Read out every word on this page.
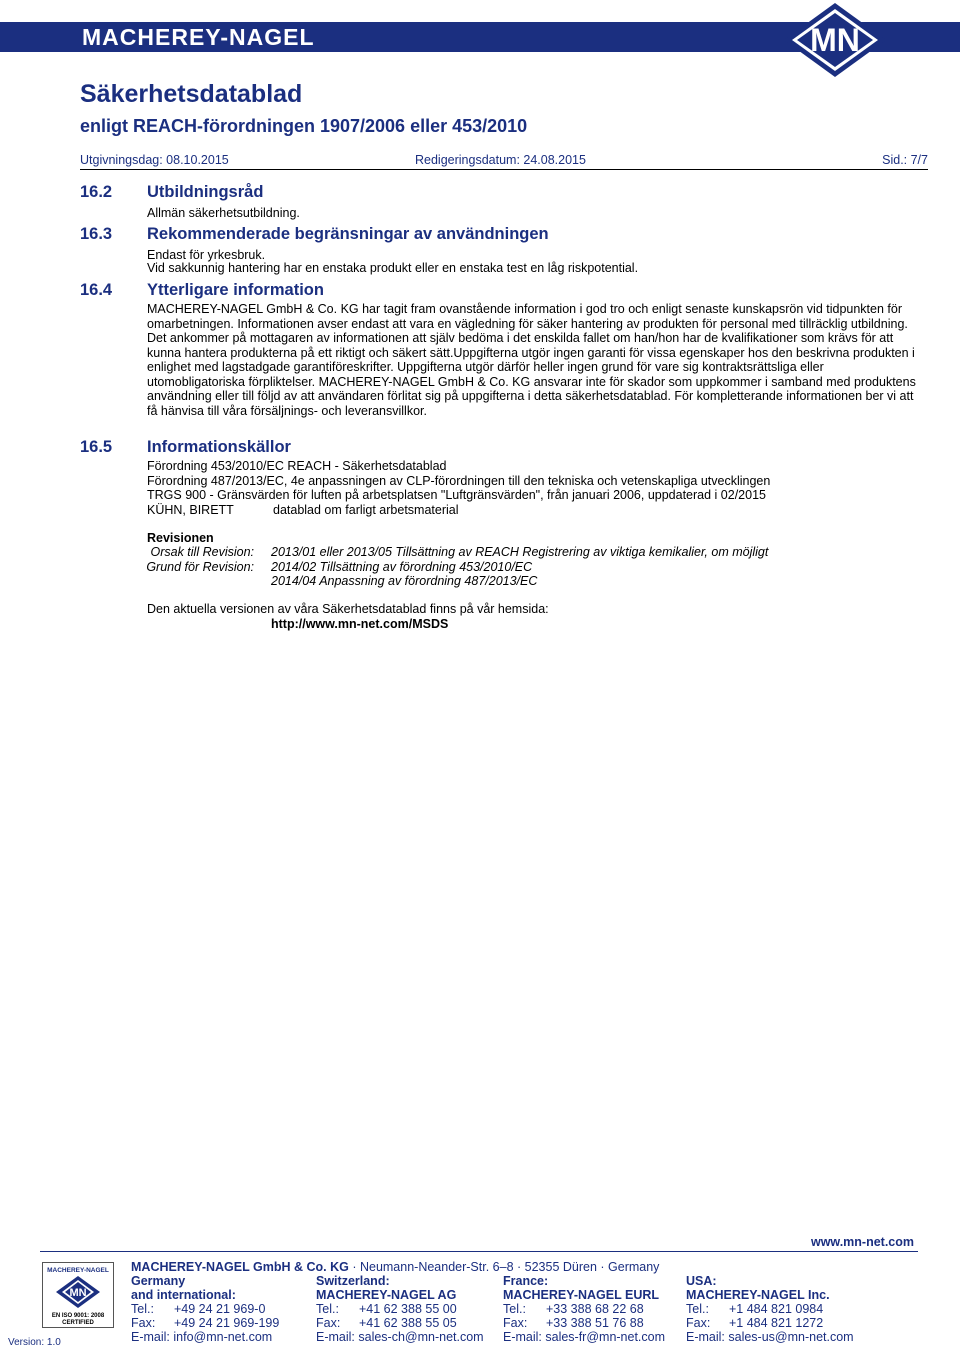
MACHEREY-NAGEL	MN
Säkerhetsdatablad
enligt REACH-förordningen 1907/2006 eller 453/2010
Utgivningsdag: 08.10.2015	Redigeringsdatum: 24.08.2015	Sid.: 7/7
16.2 Utbildningsråd
Allmän säkerhetsutbildning.
16.3 Rekommenderade begränsningar av användningen
Endast för yrkesbruk.
Vid sakkunnig hantering har en enstaka produkt eller en enstaka test en låg riskpotential.
16.4 Ytterligare information
MACHEREY-NAGEL GmbH & Co. KG har tagit fram ovanstående information i god tro och enligt senaste kunskapsrön vid tidpunkten för omarbetningen. Informationen avser endast att vara en vägledning för säker hantering av produkten för personal med tillräcklig utbildning. Det ankommer på mottagaren av informationen att själv bedöma i det enskilda fallet om han/hon har de kvalifikationer som krävs för att kunna hantera produkterna på ett riktigt och säkert sätt.Uppgifterna utgör ingen garanti för vissa egenskaper hos den beskrivna produkten i enlighet med lagstadgade garantiföreskrifter. Uppgifterna utgör därför heller ingen grund för vare sig kontraktsrättsliga eller utomobligatoriska förpliktelser. MACHEREY-NAGEL GmbH & Co. KG ansvarar inte för skador som uppkommer i samband med produktens användning eller till följd av att användaren förlitat sig på uppgifterna i detta säkerhetsdatablad. För kompletterande informationen ber vi att få hänvisa till våra försäljnings- och leveransvillkor.
16.5 Informationskällor
Förordning 453/2010/EC REACH - Säkerhetsdatablad
Förordning 487/2013/EC, 4e anpassningen av CLP-förordningen till den tekniska och vetenskapliga utvecklingen
TRGS 900 - Gränsvärden för luften på arbetsplatsen "Luftgränsvärden", från januari 2006, uppdaterad i 02/2015
KÜHN, BIRETT	datablad om farligt arbetsmaterial
Revisionen
Orsak till Revision: 2013/01 eller 2013/05 Tillsättning av REACH Registrering av viktiga kemikalier, om möjligt
Grund för Revision: 2014/02 Tillsättning av förordning 453/2010/EC
2014/04 Anpassning av förordning 487/2013/EC
Den aktuella versionen av våra Säkerhetsdatablad finns på vår hemsida:
http://www.mn-net.com/MSDS
www.mn-net.com
MACHEREY-NAGEL
MN
EN ISO 9001: 2008
CERTIFIED
Version: 1.0
MACHEREY-NAGEL GmbH & Co. KG · Neumann-Neander-Str. 6–8 · 52355 Düren · Germany
Germany
and international:
Tel.: +49 24 21 969-0
Fax: +49 24 21 969-199
E-mail: info@mn-net.com
Switzerland:
MACHEREY-NAGEL AG
Tel.: +41 62 388 55 00
Fax: +41 62 388 55 05
E-mail: sales-ch@mn-net.com
France:
MACHEREY-NAGEL EURL
Tel.: +33 388 68 22 68
Fax: +33 388 51 76 88
E-mail: sales-fr@mn-net.com
USA:
MACHEREY-NAGEL Inc.
Tel.: +1 484 821 0984
Fax: +1 484 821 1272
E-mail: sales-us@mn-net.com
